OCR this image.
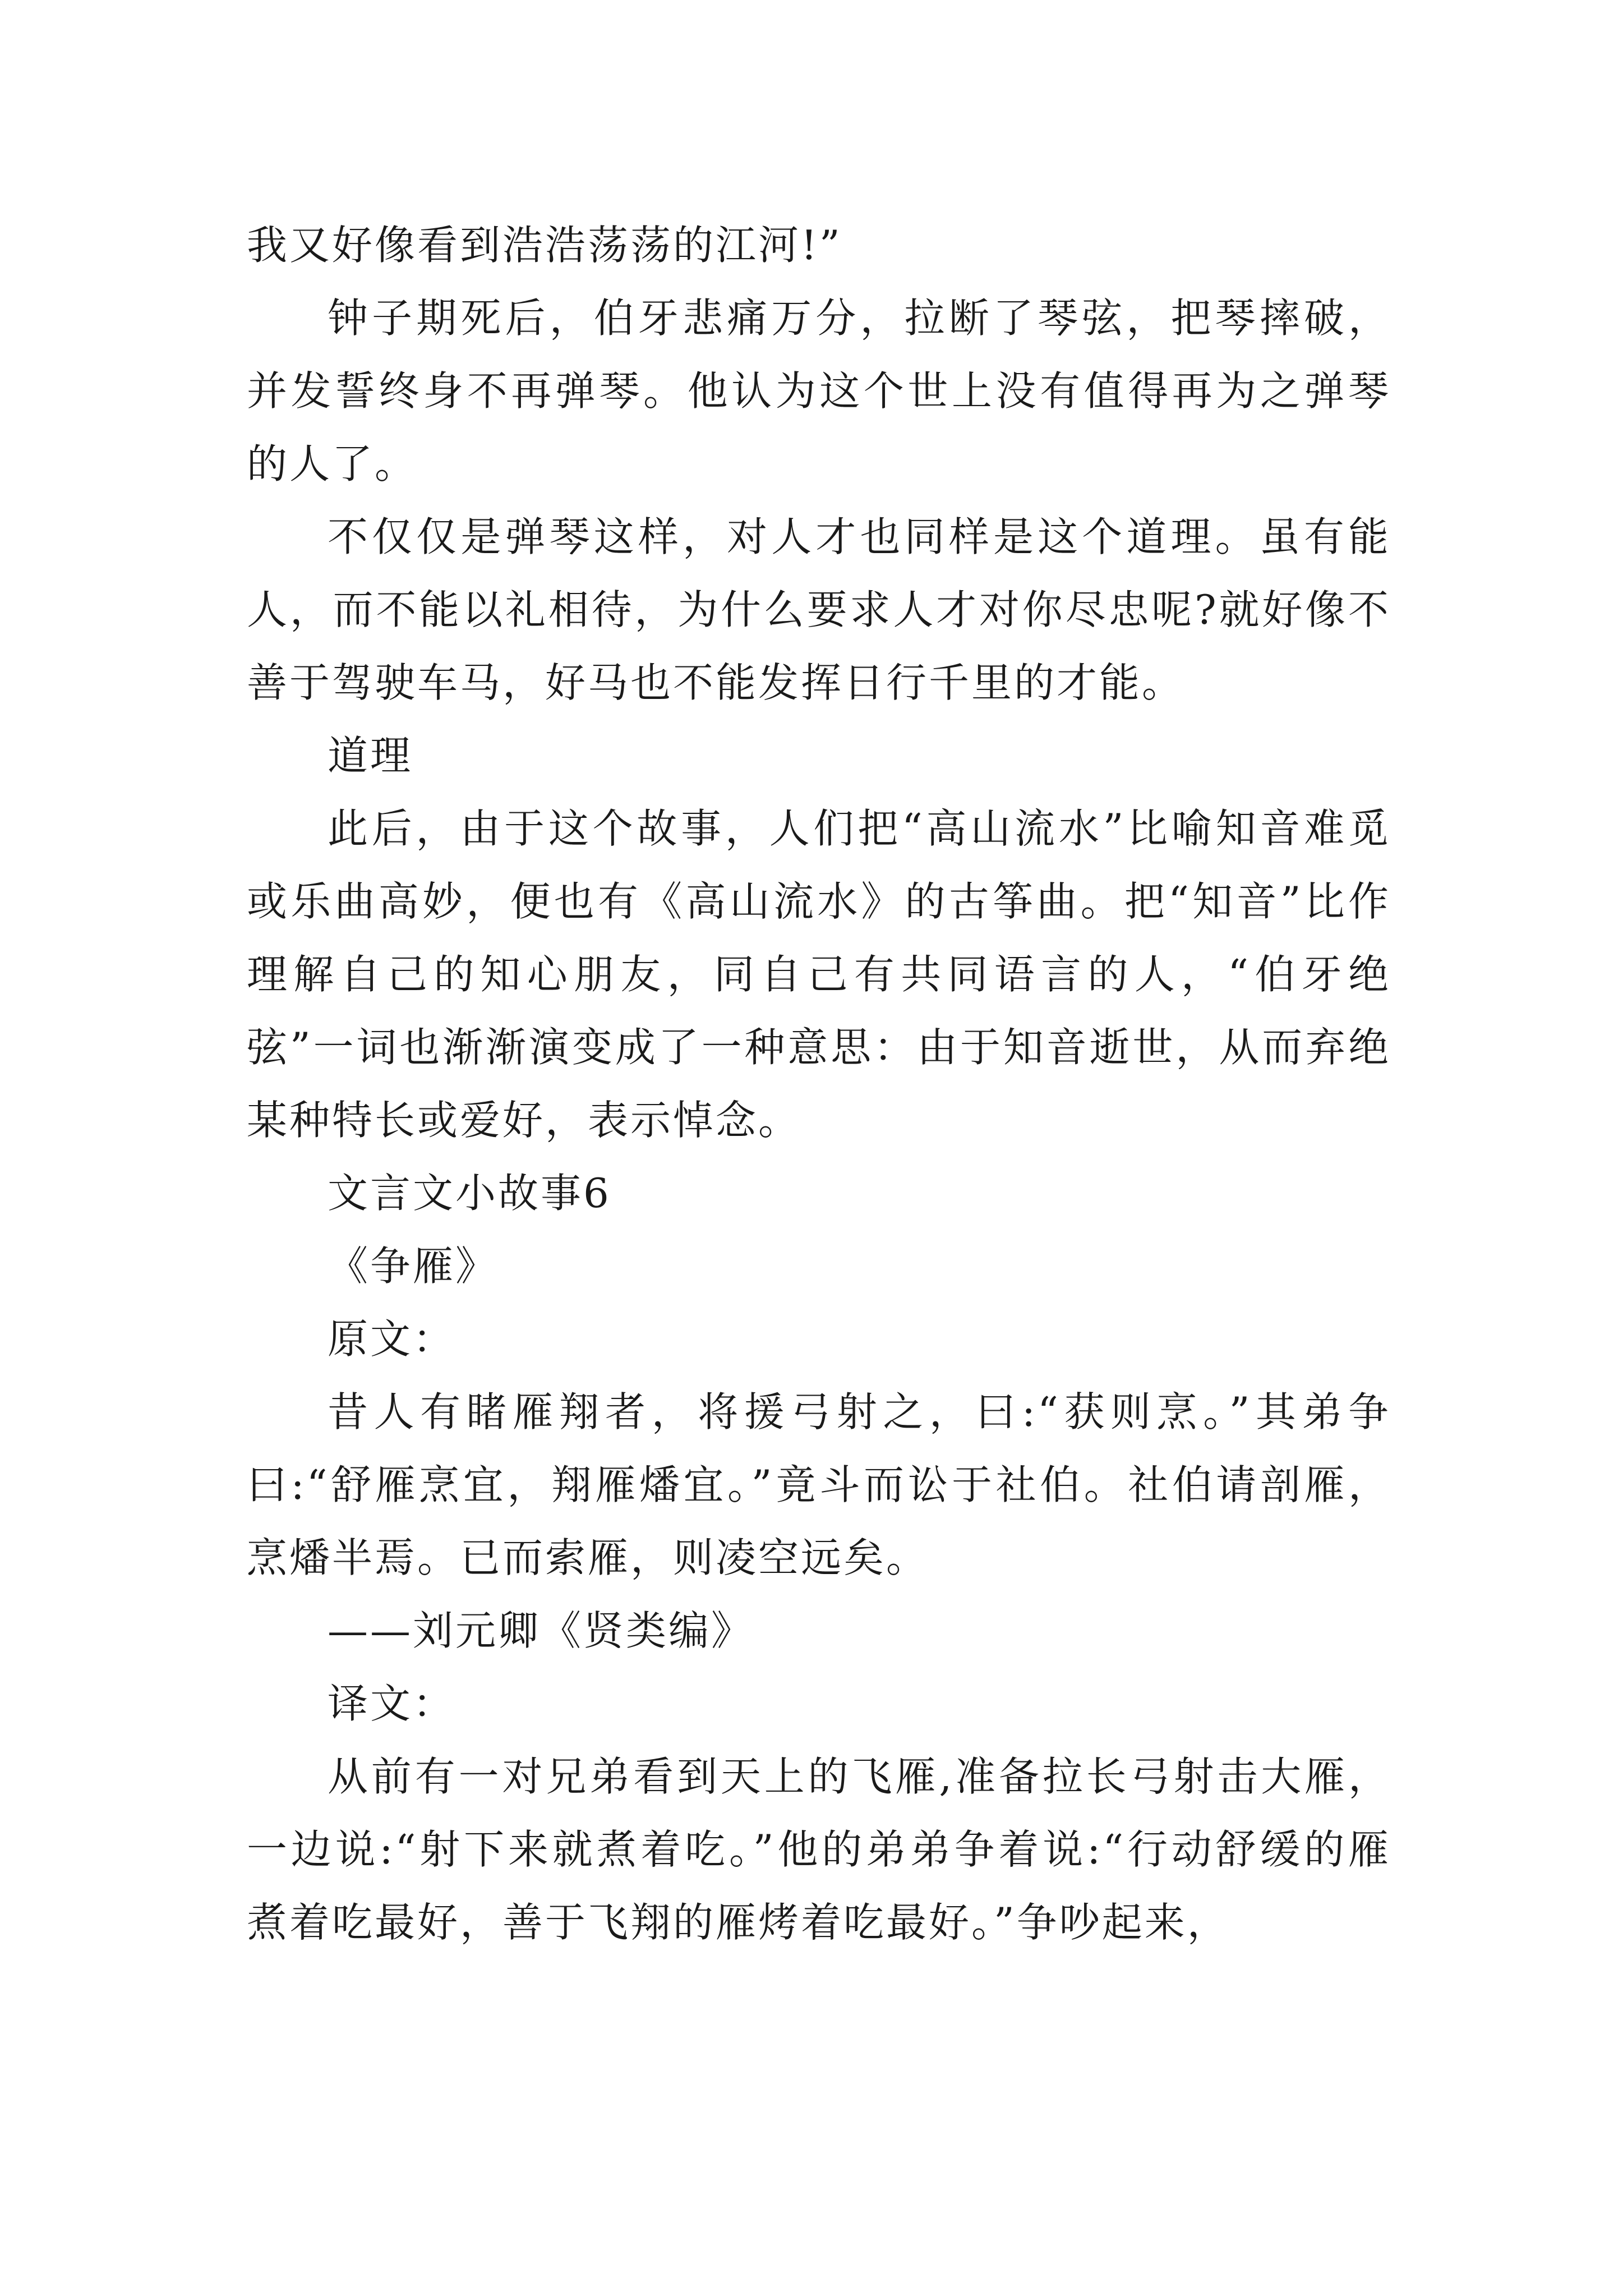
我又好像看到浩浩荡荡的江河!”

钟子期死后，伯牙悲痛万分，拉断了琴弦，把琴摔破，并发誓终身不再弹琴。他认为这个世上没有值得再为之弹琴的人了。

不仅仅是弹琴这样，对人才也同样是这个道理。虽有能人，而不能以礼相待，为什么要求人才对你尽忠呢?就好像不善于驾驶车马，好马也不能发挥日行千里的才能。

道理

此后，由于这个故事，人们把“高山流水”比喻知音难觅或乐曲高妙，便也有《高山流水》的古筝曲。把“知音”比作理解自己的知心朋友，同自己有共同语言的人，“伯牙绝弦”一词也渐渐演变成了一种意思：由于知音逝世，从而弃绝某种特长或爱好，表示悼念。

文言文小故事6

《争雁》

原文：

昔人有睹雁翔者，将援弓射之，曰:“获则烹。”其弟争曰:“舒雁烹宜，翔雁燔宜。”竟斗而讼于社伯。社伯请剖雁，烹燔半焉。已而索雁，则凌空远矣。

——刘元卿《贤类编》

译文：

从前有一对兄弟看到天上的飞雁,准备拉长弓射击大雁，一边说:“射下来就煮着吃。”他的弟弟争着说:“行动舒缓的雁煮着吃最好，善于飞翔的雁烤着吃最好。”争吵起来，
